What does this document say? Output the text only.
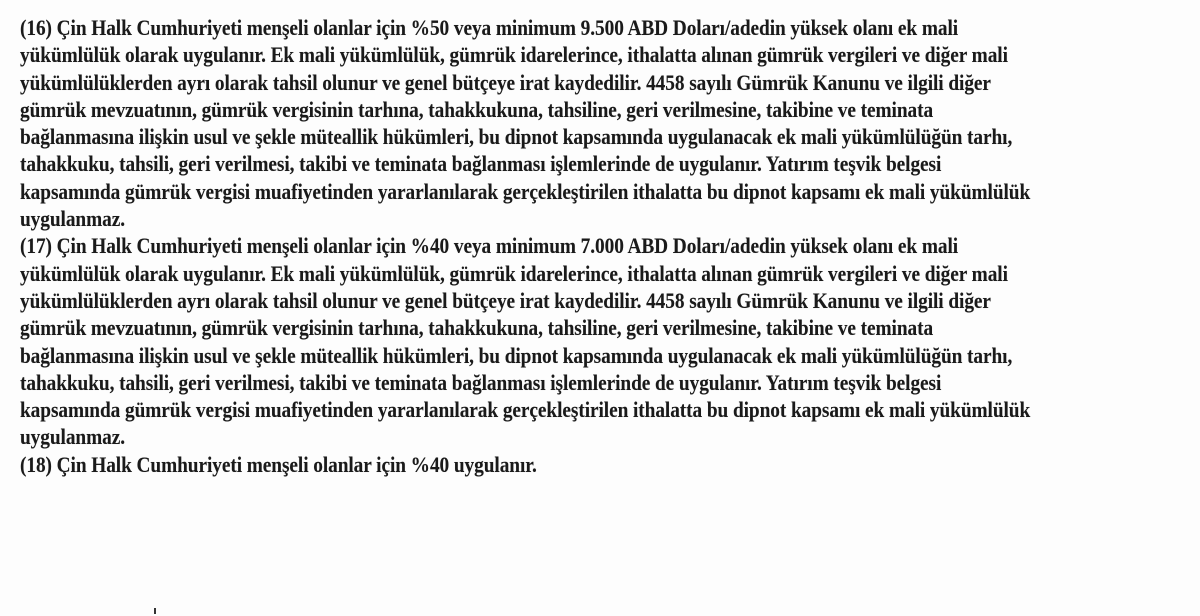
(16) Çin Halk Cumhuriyeti menşeli olanlar için %50 veya minimum 9.500 ABD Doları/adedin yüksek olanı ek mali
yükümlülük olarak uygulanır. Ek mali yükümlülük, gümrük idarelerince, ithalatta alınan gümrük vergileri ve diğer mali
yükümlülüklerden ayrı olarak tahsil olunur ve genel bütçeye irat kaydedilir. 4458 sayılı Gümrük Kanunu ve ilgili diğer
gümrük mevzuatının, gümrük vergisinin tarhına, tahakkukuna, tahsiline, geri verilmesine, takibine ve teminata
bağlanmasına ilişkin usul ve şekle müteallik hükümleri, bu dipnot kapsamında uygulanacak ek mali yükümlülüğün tarhı,
tahakkuku, tahsili, geri verilmesi, takibi ve teminata bağlanması işlemlerinde de uygulanır. Yatırım teşvik belgesi
kapsamında gümrük vergisi muafiyetinden yararlanılarak gerçekleştirilen ithalatta bu dipnot kapsamı ek mali yükümlülük
uygulanmaz.
(17) Çin Halk Cumhuriyeti menşeli olanlar için %40 veya minimum 7.000 ABD Doları/adedin yüksek olanı ek mali
yükümlülük olarak uygulanır. Ek mali yükümlülük, gümrük idarelerince, ithalatta alınan gümrük vergileri ve diğer mali
yükümlülüklerden ayrı olarak tahsil olunur ve genel bütçeye irat kaydedilir. 4458 sayılı Gümrük Kanunu ve ilgili diğer
gümrük mevzuatının, gümrük vergisinin tarhına, tahakkukuna, tahsiline, geri verilmesine, takibine ve teminata
bağlanmasına ilişkin usul ve şekle müteallik hükümleri, bu dipnot kapsamında uygulanacak ek mali yükümlülüğün tarhı,
tahakkuku, tahsili, geri verilmesi, takibi ve teminata bağlanması işlemlerinde de uygulanır. Yatırım teşvik belgesi
kapsamında gümrük vergisi muafiyetinden yararlanılarak gerçekleştirilen ithalatta bu dipnot kapsamı ek mali yükümlülük
uygulanmaz.
(18) Çin Halk Cumhuriyeti menşeli olanlar için %40 uygulanır.
